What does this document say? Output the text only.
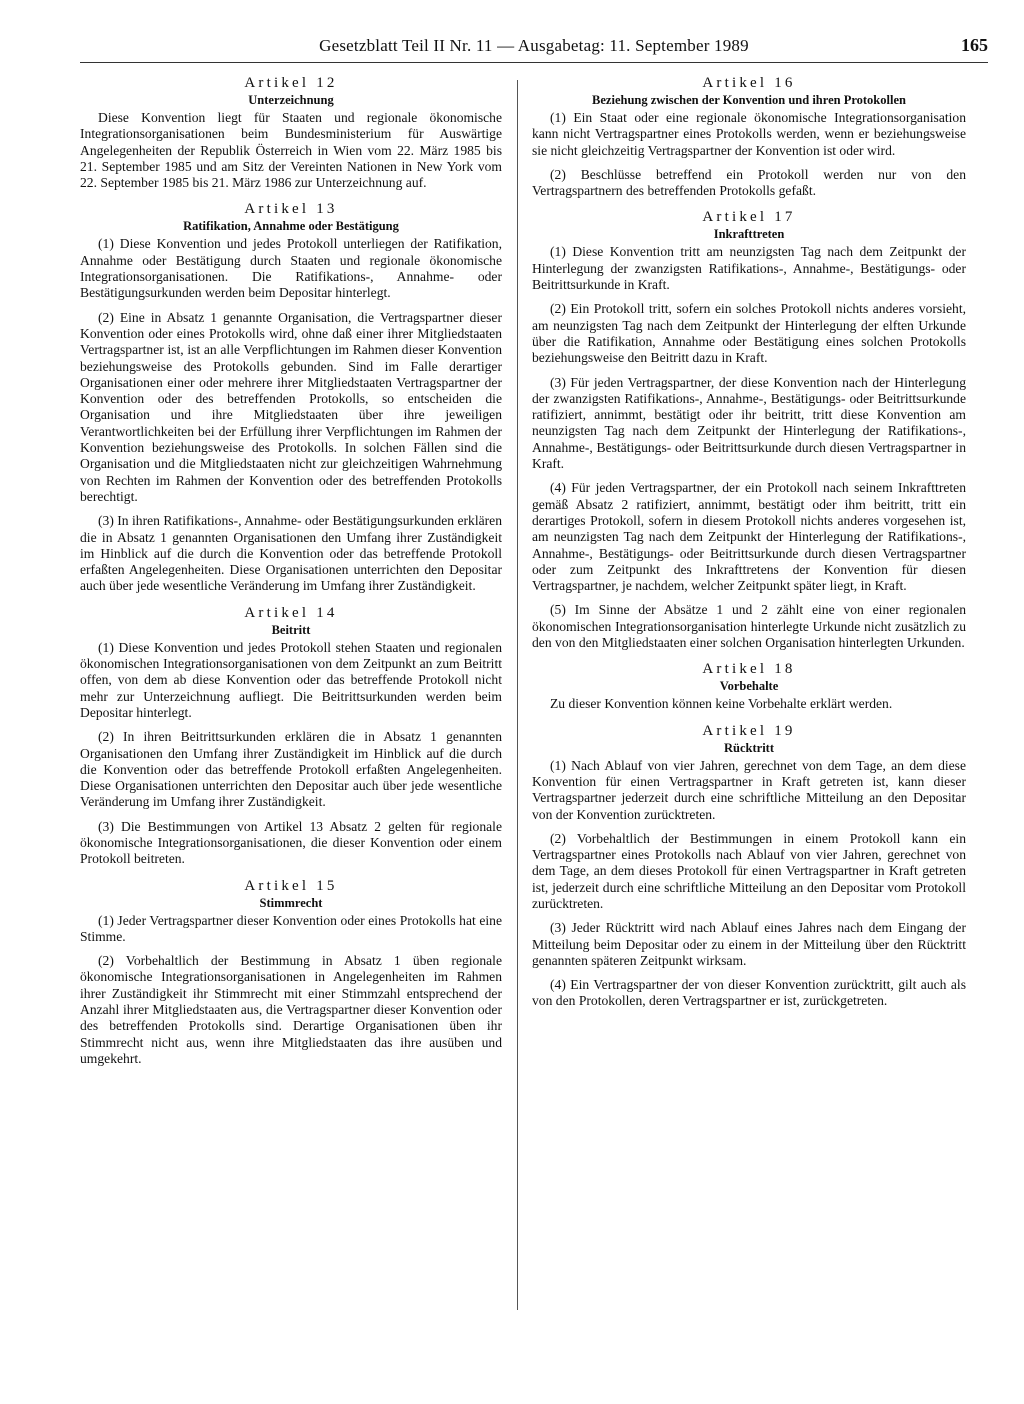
Gesetzblatt Teil II Nr. 11 — Ausgabetag: 11. September 1989	165
Artikel 12
Unterzeichnung

Diese Konvention liegt für Staaten und regionale ökonomische Integrationsorganisationen beim Bundesministerium für Auswärtige Angelegenheiten der Republik Österreich in Wien vom 22. März 1985 bis 21. September 1985 und am Sitz der Vereinten Nationen in New York vom 22. September 1985 bis 21. März 1986 zur Unterzeichnung auf.

Artikel 13
Ratifikation, Annahme oder Bestätigung

(1) Diese Konvention und jedes Protokoll unterliegen der Ratifikation, Annahme oder Bestätigung durch Staaten und regionale ökonomische Integrationsorganisationen. Die Ratifikations-, Annahme- oder Bestätigungsurkunden werden beim Depositar hinterlegt.

(2) Eine in Absatz 1 genannte Organisation, die Vertragspartner dieser Konvention oder eines Protokolls wird, ohne daß einer ihrer Mitgliedstaaten Vertragspartner ist, ist an alle Verpflichtungen im Rahmen dieser Konvention beziehungsweise des Protokolls gebunden. Sind im Falle derartiger Organisationen einer oder mehrere ihrer Mitgliedstaaten Vertragspartner der Konvention oder des betreffenden Protokolls, so entscheiden die Organisation und ihre Mitgliedstaaten über ihre jeweiligen Verantwortlichkeiten bei der Erfüllung ihrer Verpflichtungen im Rahmen der Konvention beziehungsweise des Protokolls. In solchen Fällen sind die Organisation und die Mitgliedstaaten nicht zur gleichzeitigen Wahrnehmung von Rechten im Rahmen der Konvention oder des betreffenden Protokolls berechtigt.

(3) In ihren Ratifikations-, Annahme- oder Bestätigungsurkunden erklären die in Absatz 1 genannten Organisationen den Umfang ihrer Zuständigkeit im Hinblick auf die durch die Konvention oder das betreffende Protokoll erfaßten Angelegenheiten. Diese Organisationen unterrichten den Depositar auch über jede wesentliche Veränderung im Umfang ihrer Zuständigkeit.

Artikel 14
Beitritt

(1) Diese Konvention und jedes Protokoll stehen Staaten und regionalen ökonomischen Integrationsorganisationen von dem Zeitpunkt an zum Beitritt offen, von dem ab diese Konvention oder das betreffende Protokoll nicht mehr zur Unterzeichnung aufliegt. Die Beitrittsurkunden werden beim Depositar hinterlegt.

(2) In ihren Beitrittsurkunden erklären die in Absatz 1 genannten Organisationen den Umfang ihrer Zuständigkeit im Hinblick auf die durch die Konvention oder das betreffende Protokoll erfaßten Angelegenheiten. Diese Organisationen unterrichten den Depositar auch über jede wesentliche Veränderung im Umfang ihrer Zuständigkeit.

(3) Die Bestimmungen von Artikel 13 Absatz 2 gelten für regionale ökonomische Integrationsorganisationen, die dieser Konvention oder einem Protokoll beitreten.

Artikel 15
Stimmrecht

(1) Jeder Vertragspartner dieser Konvention oder eines Protokolls hat eine Stimme.

(2) Vorbehaltlich der Bestimmung in Absatz 1 üben regionale ökonomische Integrationsorganisationen in Angelegenheiten im Rahmen ihrer Zuständigkeit ihr Stimmrecht mit einer Stimmzahl entsprechend der Anzahl ihrer Mitgliedstaaten aus, die Vertragspartner dieser Konvention oder des betreffenden Protokolls sind. Derartige Organisationen üben ihr Stimmrecht nicht aus, wenn ihre Mitgliedstaaten das ihre ausüben und umgekehrt.

Artikel 16
Beziehung zwischen der Konvention und ihren Protokollen

(1) Ein Staat oder eine regionale ökonomische Integrationsorganisation kann nicht Vertragspartner eines Protokolls werden, wenn er beziehungsweise sie nicht gleichzeitig Vertragspartner der Konvention ist oder wird.

(2) Beschlüsse betreffend ein Protokoll werden nur von den Vertragspartnern des betreffenden Protokolls gefaßt.

Artikel 17
Inkrafttreten

(1) Diese Konvention tritt am neunzigsten Tag nach dem Zeitpunkt der Hinterlegung der zwanzigsten Ratifikations-, Annahme-, Bestätigungs- oder Beitrittsurkunde in Kraft.

(2) Ein Protokoll tritt, sofern ein solches Protokoll nichts anderes vorsieht, am neunzigsten Tag nach dem Zeitpunkt der Hinterlegung der elften Urkunde über die Ratifikation, Annahme oder Bestätigung eines solchen Protokolls beziehungsweise den Beitritt dazu in Kraft.

(3) Für jeden Vertragspartner, der diese Konvention nach der Hinterlegung der zwanzigsten Ratifikations-, Annahme-, Bestätigungs- oder Beitrittsurkunde ratifiziert, annimmt, bestätigt oder ihr beitritt, tritt diese Konvention am neunzigsten Tag nach dem Zeitpunkt der Hinterlegung der Ratifikations-, Annahme-, Bestätigungs- oder Beitrittsurkunde durch diesen Vertragspartner in Kraft.

(4) Für jeden Vertragspartner, der ein Protokoll nach seinem Inkrafttreten gemäß Absatz 2 ratifiziert, annimmt, bestätigt oder ihm beitritt, tritt ein derartiges Protokoll, sofern in diesem Protokoll nichts anderes vorgesehen ist, am neunzigsten Tag nach dem Zeitpunkt der Hinterlegung der Ratifikations-, Annahme-, Bestätigungs- oder Beitrittsurkunde durch diesen Vertragspartner oder zum Zeitpunkt des Inkrafttretens der Konvention für diesen Vertragspartner, je nachdem, welcher Zeitpunkt später liegt, in Kraft.

(5) Im Sinne der Absätze 1 und 2 zählt eine von einer regionalen ökonomischen Integrationsorganisation hinterlegte Urkunde nicht zusätzlich zu den von den Mitgliedstaaten einer solchen Organisation hinterlegten Urkunden.

Artikel 18
Vorbehalte

Zu dieser Konvention können keine Vorbehalte erklärt werden.

Artikel 19
Rücktritt

(1) Nach Ablauf von vier Jahren, gerechnet von dem Tage, an dem diese Konvention für einen Vertragspartner in Kraft getreten ist, kann dieser Vertragspartner jederzeit durch eine schriftliche Mitteilung an den Depositar von der Konvention zurücktreten.

(2) Vorbehaltlich der Bestimmungen in einem Protokoll kann ein Vertragspartner eines Protokolls nach Ablauf von vier Jahren, gerechnet von dem Tage, an dem dieses Protokoll für einen Vertragspartner in Kraft getreten ist, jederzeit durch eine schriftliche Mitteilung an den Depositar vom Protokoll zurücktreten.

(3) Jeder Rücktritt wird nach Ablauf eines Jahres nach dem Eingang der Mitteilung beim Depositar oder zu einem in der Mitteilung über den Rücktritt genannten späteren Zeitpunkt wirksam.

(4) Ein Vertragspartner der von dieser Konvention zurücktritt, gilt auch als von den Protokollen, deren Vertragspartner er ist, zurückgetreten.
